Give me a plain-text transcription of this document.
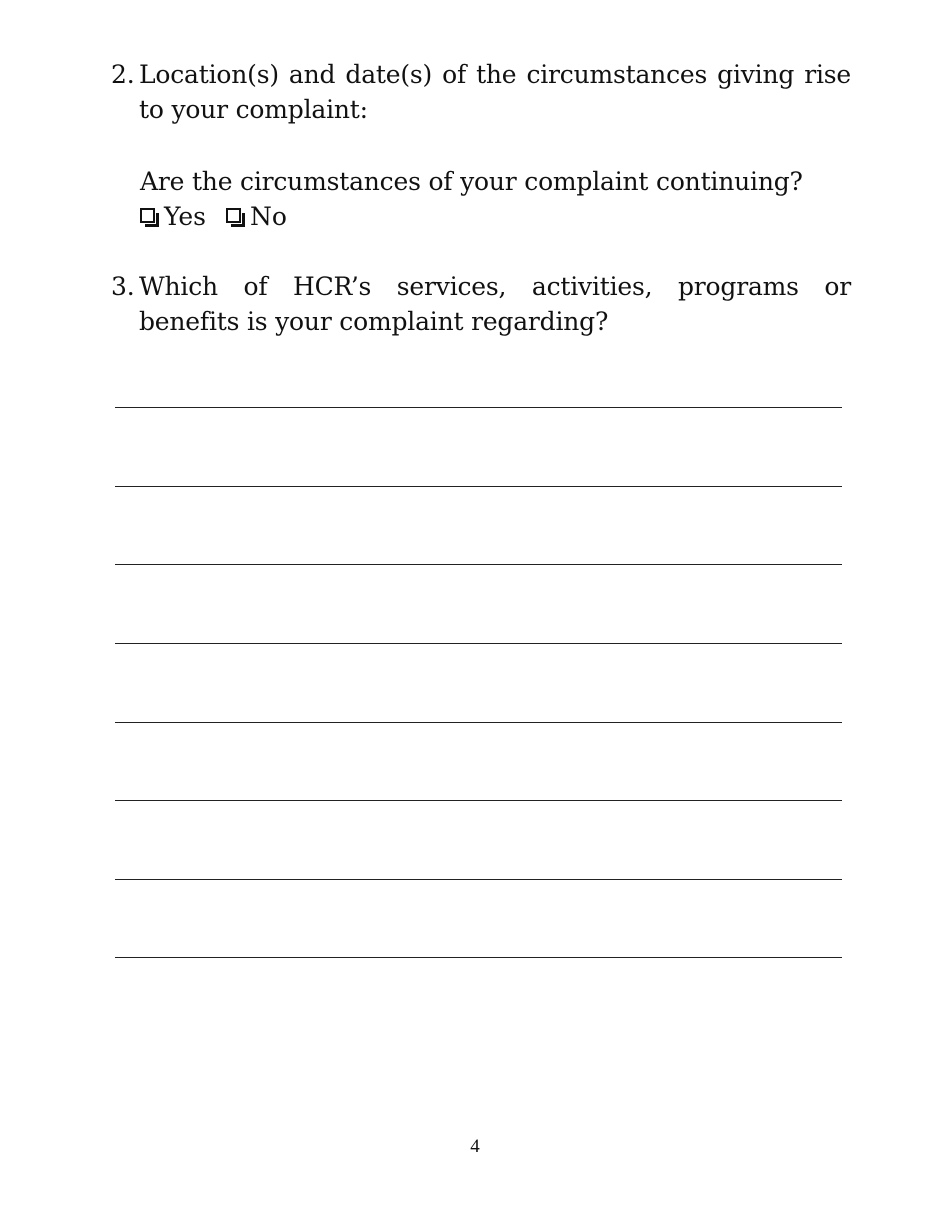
2. Location(s) and date(s) of the circumstances giving rise to your complaint:
Are the circumstances of your complaint continuing?
Yes No
3. Which of HCR’s services, activities, programs or benefits is your complaint regarding?
4
